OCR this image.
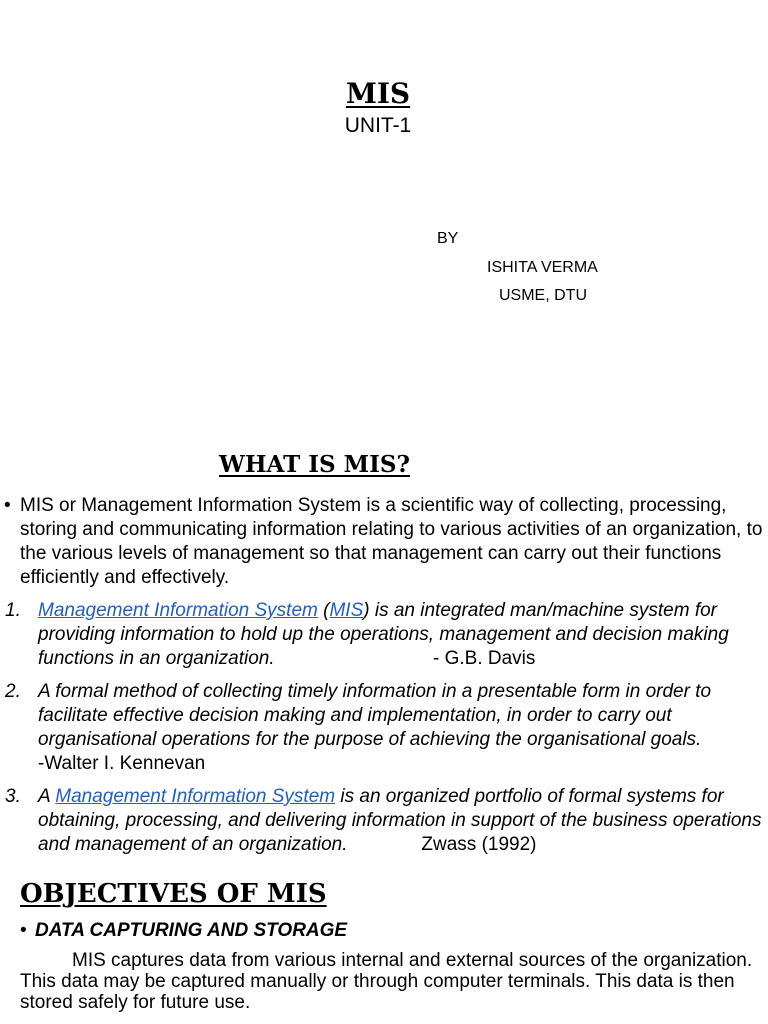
MIS
UNIT-1
BY
ISHITA VERMA
USME, DTU
WHAT IS MIS?
• MIS or Management Information System is a scientific way of collecting, processing, storing and communicating information relating to various activities of an organization, to the various levels of management so that management can carry out their functions efficiently and effectively.
1. Management Information System (MIS) is an integrated man/machine system for providing information to hold up the operations, management and decision making functions in an organization.	- G.B. Davis
2. A formal method of collecting timely information in a presentable form in order to facilitate effective decision making and implementation, in order to carry out organisational operations for the purpose of achieving the organisational goals.
-Walter I. Kennevan
3. A Management Information System is an organized portfolio of formal systems for obtaining, processing, and delivering information in support of the business operations and management of an organization.	Zwass (1992)
OBJECTIVES OF MIS
• DATA CAPTURING AND STORAGE
MIS captures data from various internal and external sources of the organization. This data may be captured manually or through computer terminals. This data is then stored safely for future use.
